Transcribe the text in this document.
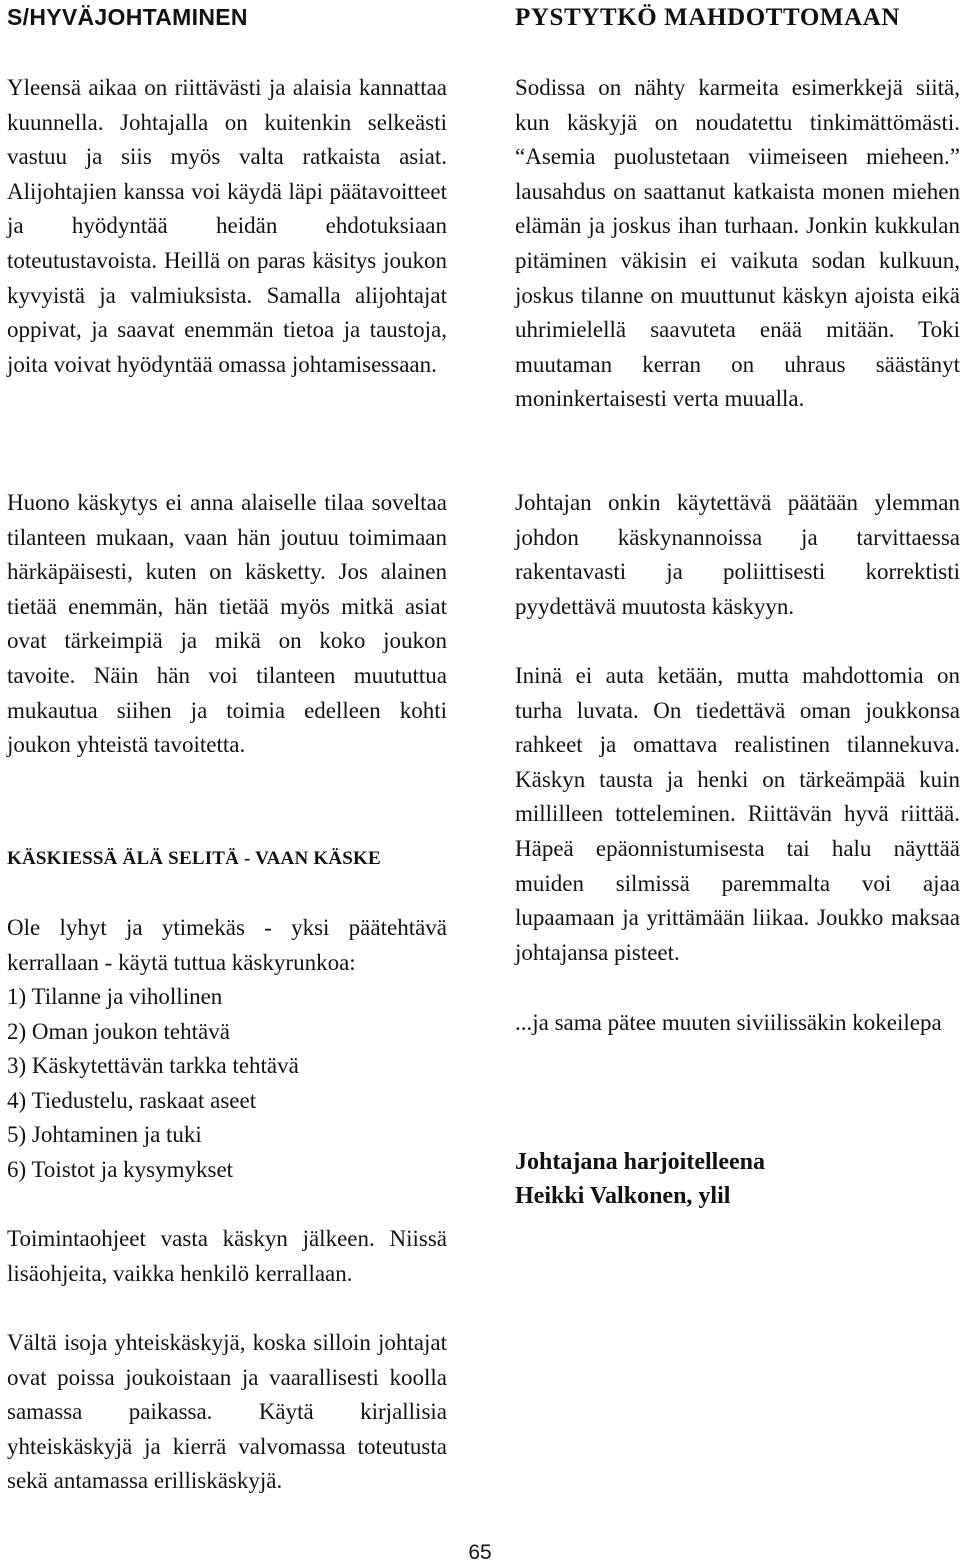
S/HYVÄJOHTAMINEN

Yleensä aikaa on riittävästi ja alaisia kannattaa kuunnella. Johtajalla on kuitenkin selkeästi vastuu ja siis myös valta ratkaista asiat. Alijohtajien kanssa voi käydä läpi päätavoitteet ja hyödyntää heidän ehdotuksiaan toteutustavoista. Heillä on paras käsitys joukon kyvyistä ja valmiuksista. Samalla alijohtajat oppivat, ja saavat enemmän tietoa ja taustoja, joita voivat hyödyntää omassa johtamisessaan.

Huono käskytys ei anna alaiselle tilaa soveltaa tilanteen mukaan, vaan hän joutuu toimimaan härkäpäisesti, kuten on käsketty. Jos alainen tietää enemmän, hän tietää myös mitkä asiat ovat tärkeimpiä ja mikä on koko joukon tavoite. Näin hän voi tilanteen muututtua mukautua siihen ja toimia edelleen kohti joukon yhteistä tavoitetta.

KÄSKIESSÄ ÄLÄ SELITÄ - VAAN KÄSKE

Ole lyhyt ja ytimekäs - yksi päätehtävä kerrallaan - käytä tuttua käskyrunkoa:

1) Tilanne ja vihollinen
2) Oman joukon tehtävä
3) Käskytettävän tarkka tehtävä
4) Tiedustelu, raskaat aseet
5) Johtaminen ja tuki
6) Toistot ja kysymykset

Toimintaohjeet vasta käskyn jälkeen. Niissä lisäohjeita, vaikka henkilö kerrallaan.

Vältä isoja yhteiskäskyjä, koska silloin johtajat ovat poissa joukoistaan ja vaarallisesti koolla samassa paikassa. Käytä kirjallisia yhteiskäskyjä ja kierrä valvomassa toteutusta sekä antamassa erilliskäskyjä.

PYSTYTKÖ MAHDOTTOMAAN

Sodissa on nähty karmeita esimerkkejä siitä, kun käskyjä on noudatettu tinkimättömästi. “Asemia puolustetaan viimeiseen mieheen.” lausahdus on saattanut katkaista monen miehen elämän ja joskus ihan turhaan. Jonkin kukkulan pitäminen väkisin ei vaikuta sodan kulkuun, joskus tilanne on muuttunut käskyn ajoista eikä uhrimielellä saavuteta enää mitään. Toki muutaman kerran on uhraus säästänyt moninkertaisesti verta muualla.

Johtajan onkin käytettävä päätään ylemman johdon käskynannoissa ja tarvittaessa rakentavasti ja poliittisesti korrektisti pyydettävä muutosta käskyyn.

Ininä ei auta ketään, mutta mahdottomia on turha luvata. On tiedettävä oman joukkonsa rahkeet ja omattava realistinen tilannekuva. Käskyn tausta ja henki on tärkeämpää kuin millilleen totteleminen. Riittävän hyvä riittää. Häpeä epäonnistumisesta tai halu näyttää muiden silmissä paremmalta voi ajaa lupaamaan ja yrittämään liikaa. Joukko maksaa johtajansa pisteet.

...ja sama pätee muuten siviilissäkin kokeilepa

Johtajana harjoitelleena
Heikki Valkonen, ylil
65
